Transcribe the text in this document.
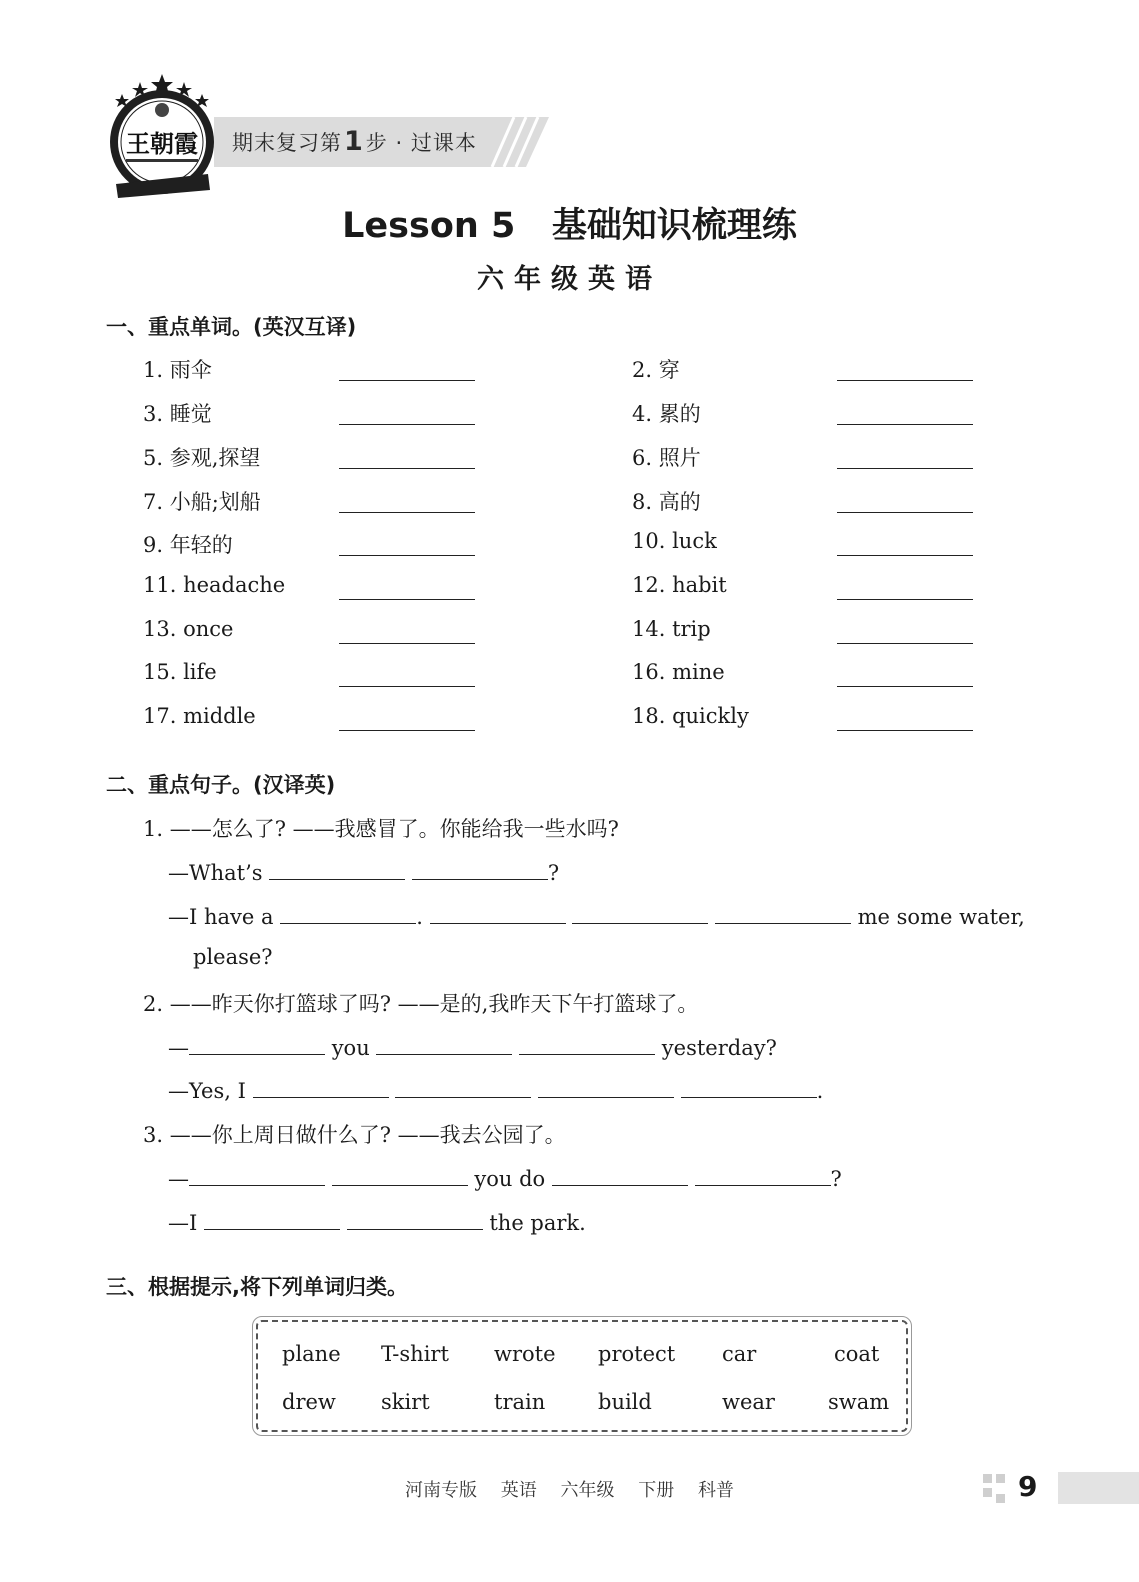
王朝霞 期末复习第1步 · 过课本
Lesson 5   基础知识梳理练
六年级英语
一、重点单词。(英汉互译)
1. 雨伞	2. 穿
3. 睡觉	4. 累的
5. 参观,探望	6. 照片
7. 小船;划船	8. 高的
9. 年轻的	10. luck
11. headache	12. habit
13. once	14. trip
15. life	16. mine
17. middle	18. quickly
二、重点句子。(汉译英)
1. ——怎么了? ——我感冒了。你能给我一些水吗?
—What’s	?
—I have a	.	me some water,
please?
2. ——昨天你打篮球了吗? ——是的,我昨天下午打篮球了。
—	you	yesterday?
—Yes, I	.
3. ——你上周日做什么了? ——我去公园了。
—	you do	?
—I	the park.
三、根据提示,将下列单词归类。
plane T-shirt wrote protect car	coat
drew skirt	train	build	wear	swam
河南专版 英语 六年级 下册 科普	9
